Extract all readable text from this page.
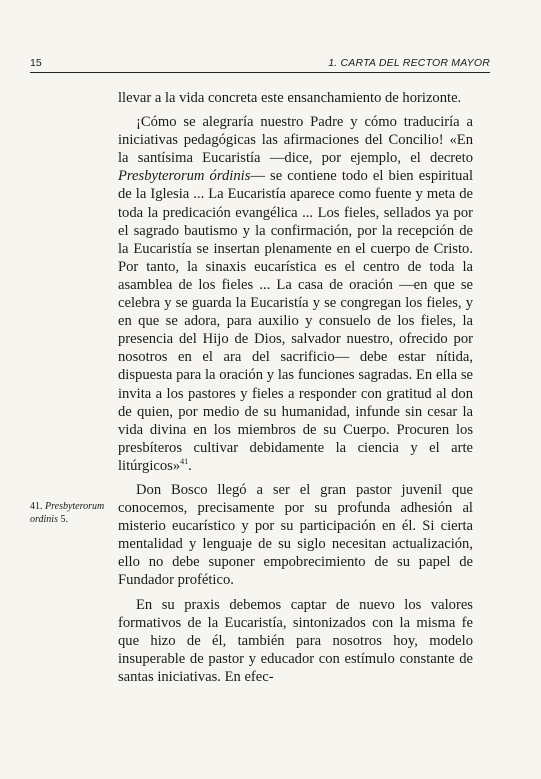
15	1. CARTA DEL RECTOR MAYOR

llevar a la vida concreta este ensanchamiento de horizonte.

¡Cómo se alegraría nuestro Padre y cómo traduciría a iniciativas pedagógicas las afirmaciones del Concilio! «En la santísima Eucaristía —dice, por ejemplo, el decreto Presbyterorum órdinis— se contiene todo el bien espiritual de la Iglesia ... La Eucaristía aparece como fuente y meta de toda la predicación evangélica ... Los fieles, sellados ya por el sagrado bautismo y la confirmación, por la recepción de la Eucaristía se insertan plenamente en el cuerpo de Cristo. Por tanto, la sinaxis eucarística es el centro de toda la asamblea de los fieles ... La casa de oración —en que se celebra y se guarda la Eucaristía y se congregan los fieles, y en que se adora, para auxilio y consuelo de los fieles, la presencia del Hijo de Dios, salvador nuestro, ofrecido por nosotros en el ara del sacrificio— debe estar nítida, dispuesta para la oración y las funciones sagradas. En ella se invita a los pastores y fieles a responder con gratitud al don de quien, por medio de su humanidad, infunde sin cesar la vida divina en los miembros de su Cuerpo. Procuren los presbíteros cultivar debidamente la ciencia y el arte litúrgicos»$^{41}$.

Don Bosco llegó a ser el gran pastor juvenil que conocemos, precisamente por su profunda adhesión al misterio eucarístico y por su participación en él. Si cierta mentalidad y lenguaje de su siglo necesitan actualización, ello no debe suponer empobrecimiento de su papel de Fundador profético.

En su praxis debemos captar de nuevo los valores formativos de la Eucaristía, sintonizados con la misma fe que hizo de él, también para nosotros hoy, modelo insuperable de pastor y educador con estímulo constante de santas iniciativas. En efec-

41. Presbyterorum ordinis 5.
